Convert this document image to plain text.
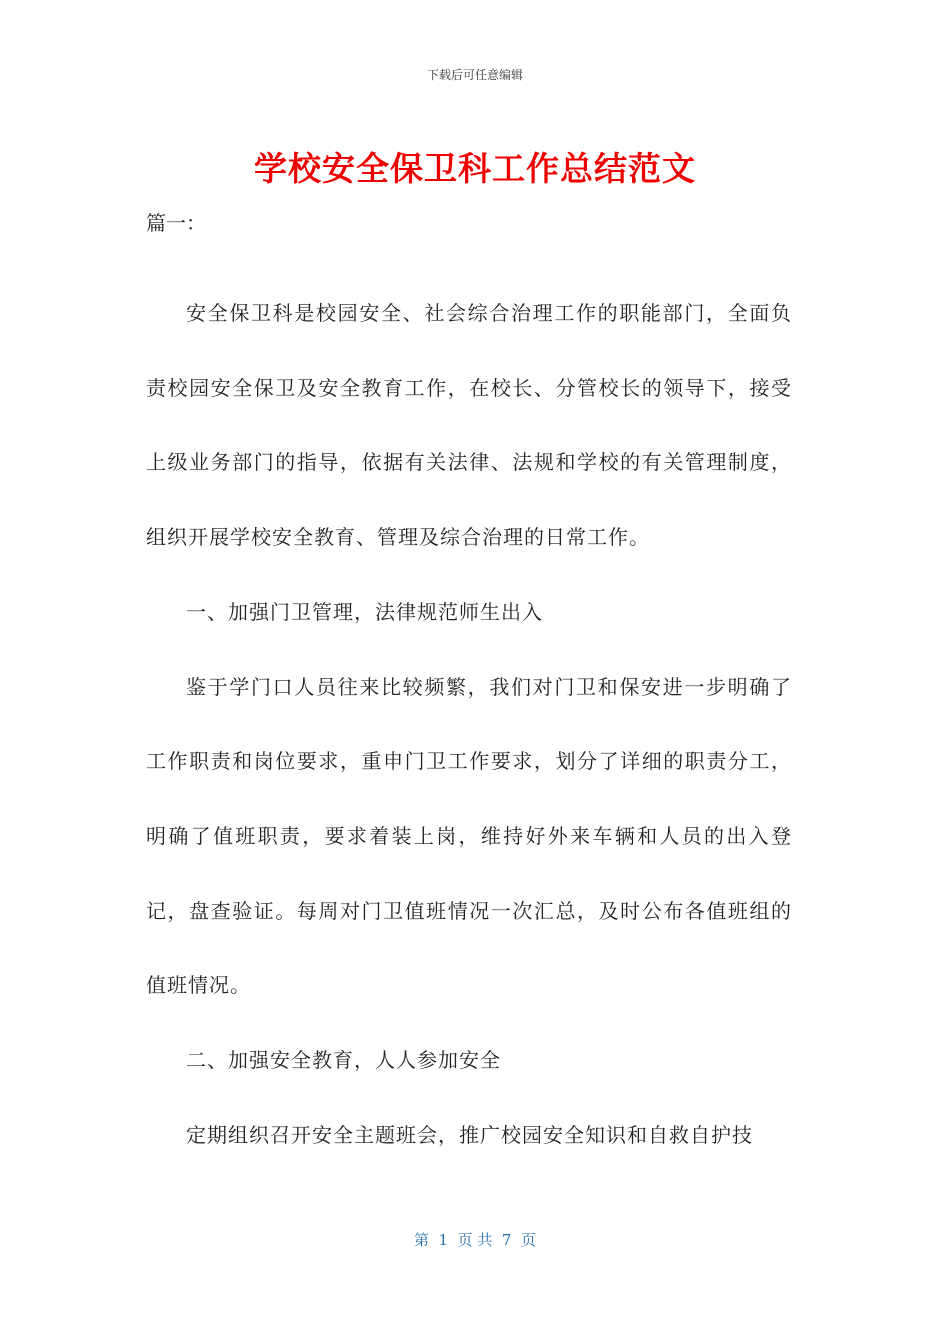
下载后可任意编辑
学校安全保卫科工作总结范文
篇一：

安全保卫科是校园安全、社会综合治理工作的职能部门，全面负责校园安全保卫及安全教育工作，在校长、分管校长的领导下，接受上级业务部门的指导，依据有关法律、法规和学校的有关管理制度，组织开展学校安全教育、管理及综合治理的日常工作。

一、加强门卫管理，法律规范师生出入

鉴于学门口人员往来比较频繁，我们对门卫和保安进一步明确了工作职责和岗位要求，重申门卫工作要求，划分了详细的职责分工，明确了值班职责，要求着装上岗，维持好外来车辆和人员的出入登记，盘查验证。每周对门卫值班情况一次汇总，及时公布各值班组的值班情况。

二、加强安全教育，人人参加安全

定期组织召开安全主题班会，推广校园安全知识和自救自护技

第  1  页 共  7  页
